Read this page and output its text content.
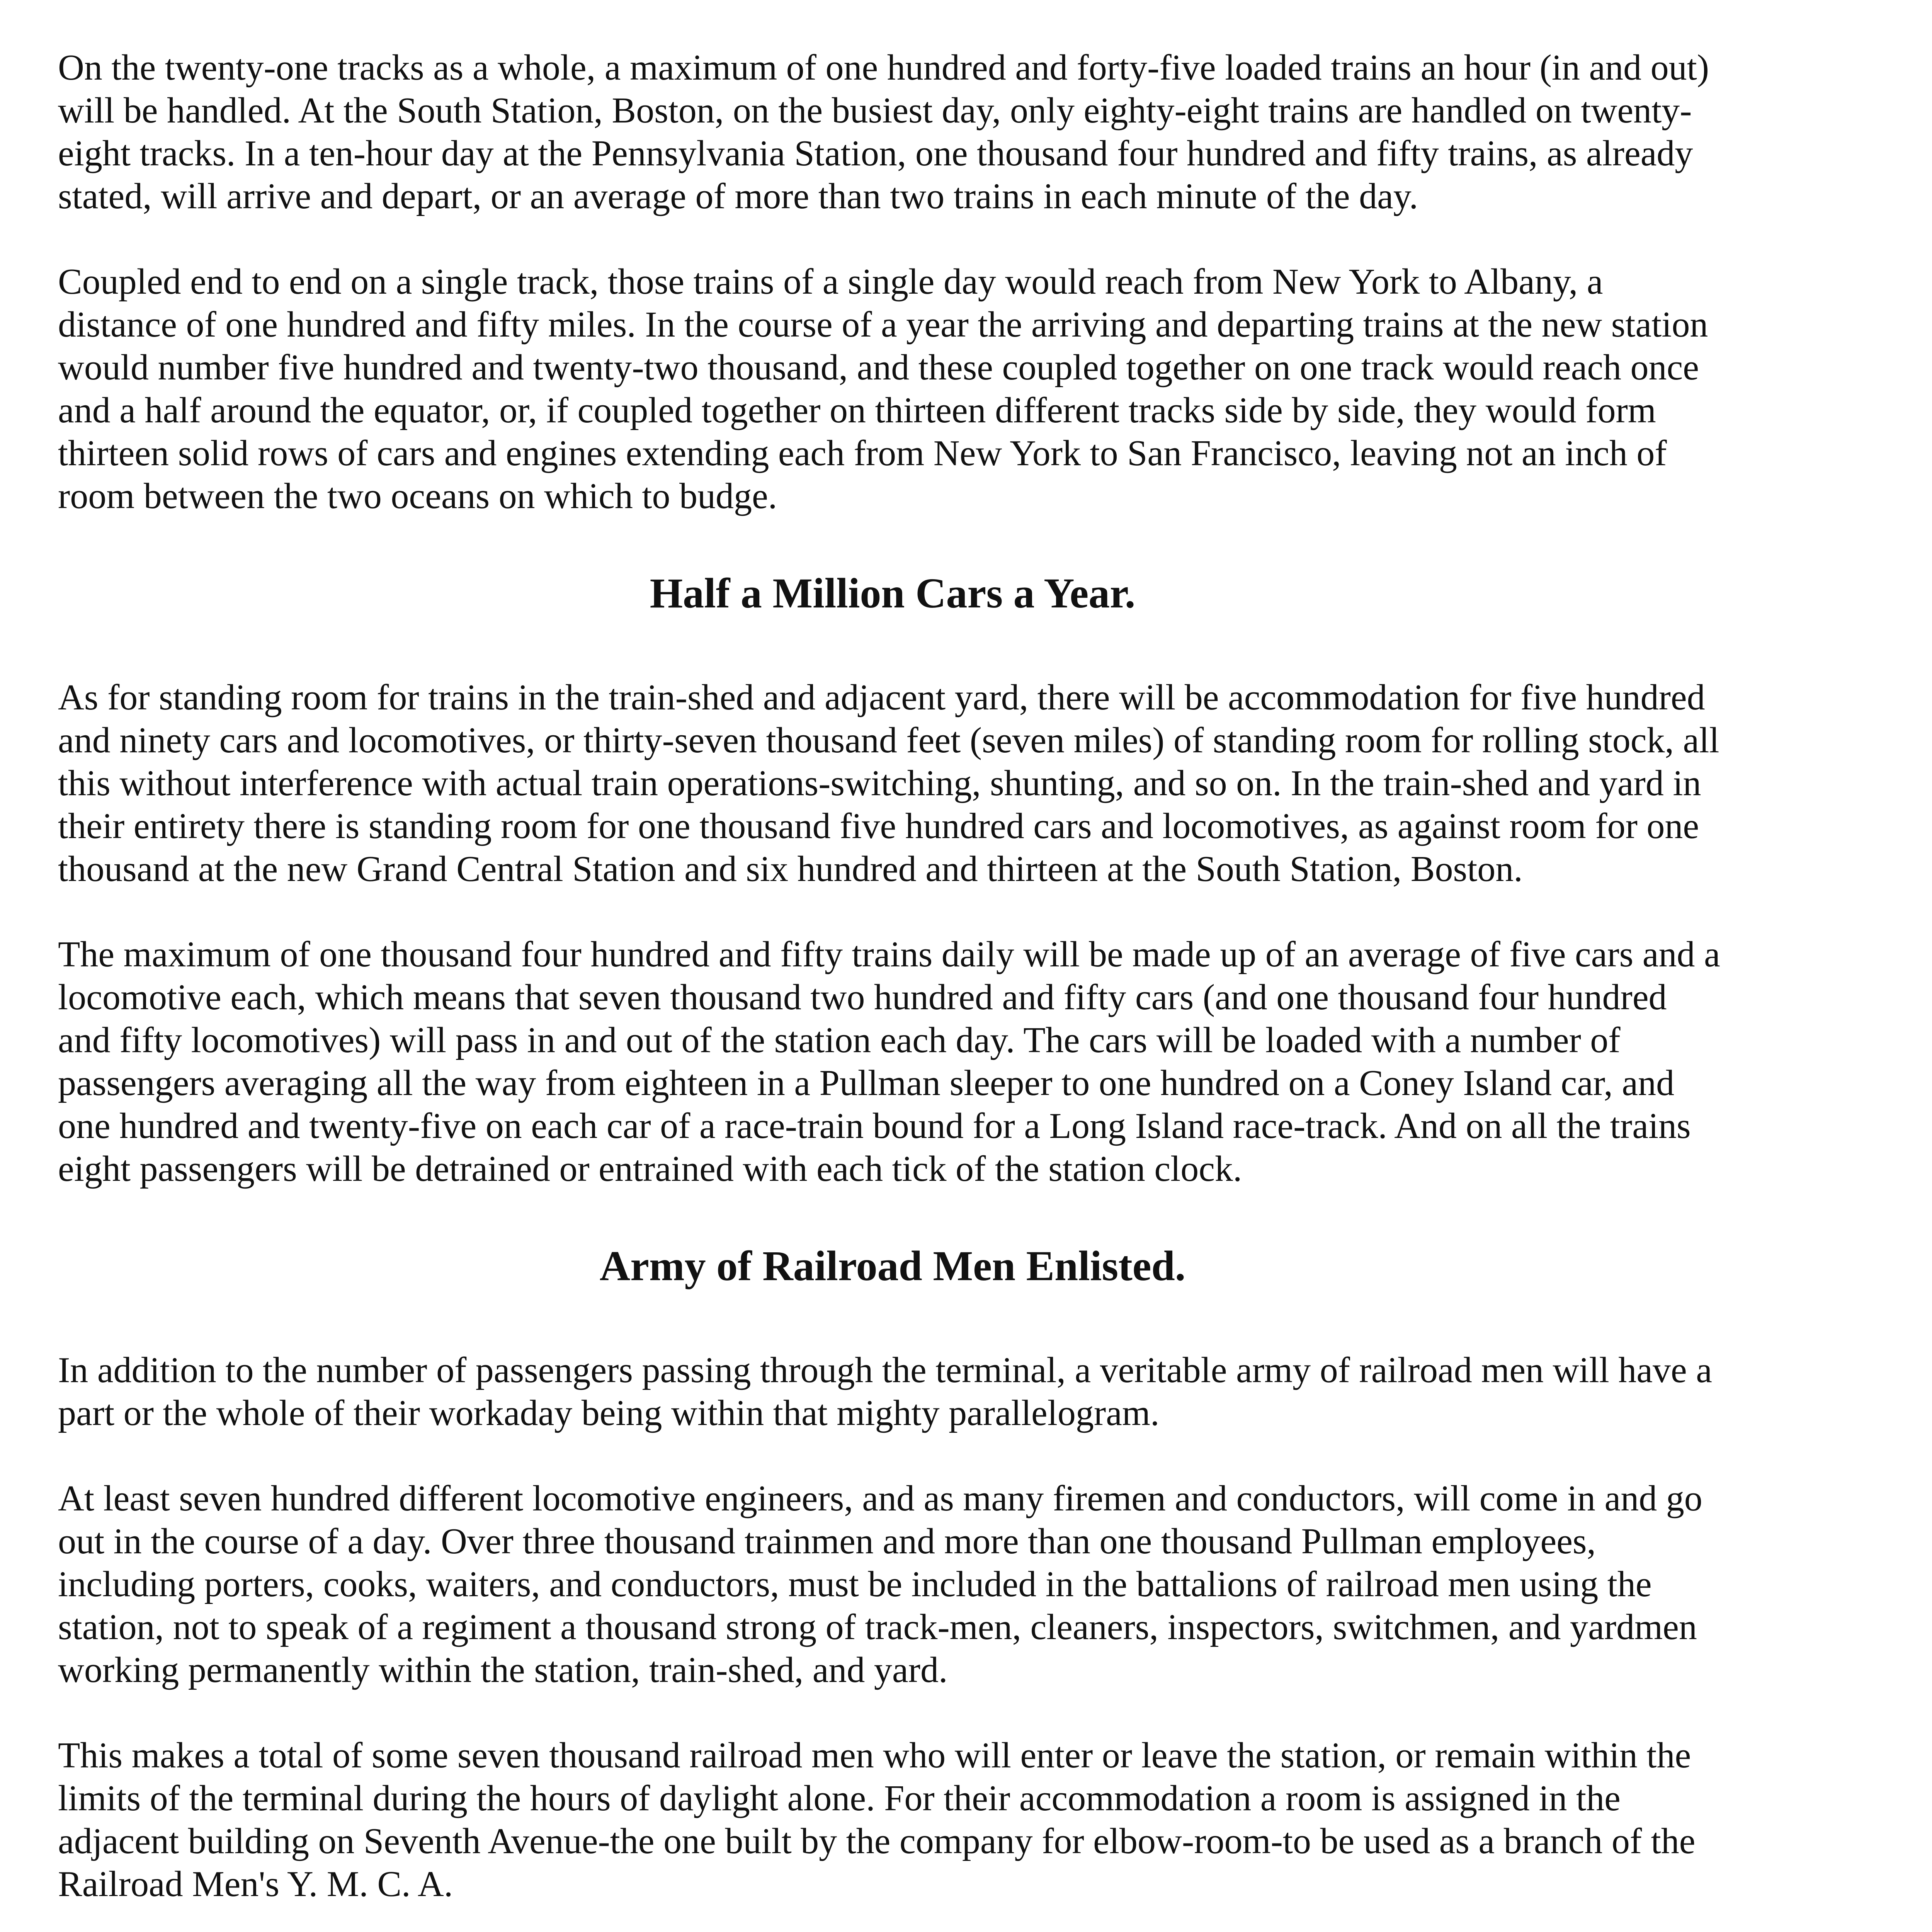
On the twenty-one tracks as a whole, a maximum of one hundred and forty-five loaded trains an hour (in and out) will be handled. At the South Station, Boston, on the busiest day, only eighty-eight trains are handled on twenty-eight tracks. In a ten-hour day at the Pennsylvania Station, one thousand four hundred and fifty trains, as already stated, will arrive and depart, or an average of more than two trains in each minute of the day.

Coupled end to end on a single track, those trains of a single day would reach from New York to Albany, a distance of one hundred and fifty miles. In the course of a year the arriving and departing trains at the new station would number five hundred and twenty-two thousand, and these coupled together on one track would reach once and a half around the equator, or, if coupled together on thirteen different tracks side by side, they would form thirteen solid rows of cars and engines extending each from New York to San Francisco, leaving not an inch of room between the two oceans on which to budge.

Half a Million Cars a Year.

As for standing room for trains in the train-shed and adjacent yard, there will be accommodation for five hundred and ninety cars and locomotives, or thirty-seven thousand feet (seven miles) of standing room for rolling stock, all this without interference with actual train operations-switching, shunting, and so on. In the train-shed and yard in their entirety there is standing room for one thousand five hundred cars and locomotives, as against room for one thousand at the new Grand Central Station and six hundred and thirteen at the South Station, Boston.

The maximum of one thousand four hundred and fifty trains daily will be made up of an average of five cars and a locomotive each, which means that seven thousand two hundred and fifty cars (and one thousand four hundred and fifty locomotives) will pass in and out of the station each day. The cars will be loaded with a number of passengers averaging all the way from eighteen in a Pullman sleeper to one hundred on a Coney Island car, and one hundred and twenty-five on each car of a race-train bound for a Long Island race-track. And on all the trains eight passengers will be detrained or entrained with each tick of the station clock.

Army of Railroad Men Enlisted.

In addition to the number of passengers passing through the terminal, a veritable army of railroad men will have a part or the whole of their workaday being within that mighty parallelogram.

At least seven hundred different locomotive engineers, and as many firemen and conductors, will come in and go out in the course of a day. Over three thousand trainmen and more than one thousand Pullman employees, including porters, cooks, waiters, and conductors, must be included in the battalions of railroad men using the station, not to speak of a regiment a thousand strong of track-men, cleaners, inspectors, switchmen, and yardmen working permanently within the station, train-shed, and yard.

This makes a total of some seven thousand railroad men who will enter or leave the station, or remain within the limits of the terminal during the hours of daylight alone. For their accommodation a room is assigned in the adjacent building on Seventh Avenue-the one built by the company for elbow-room-to be used as a branch of the Railroad Men's Y. M. C. A.
